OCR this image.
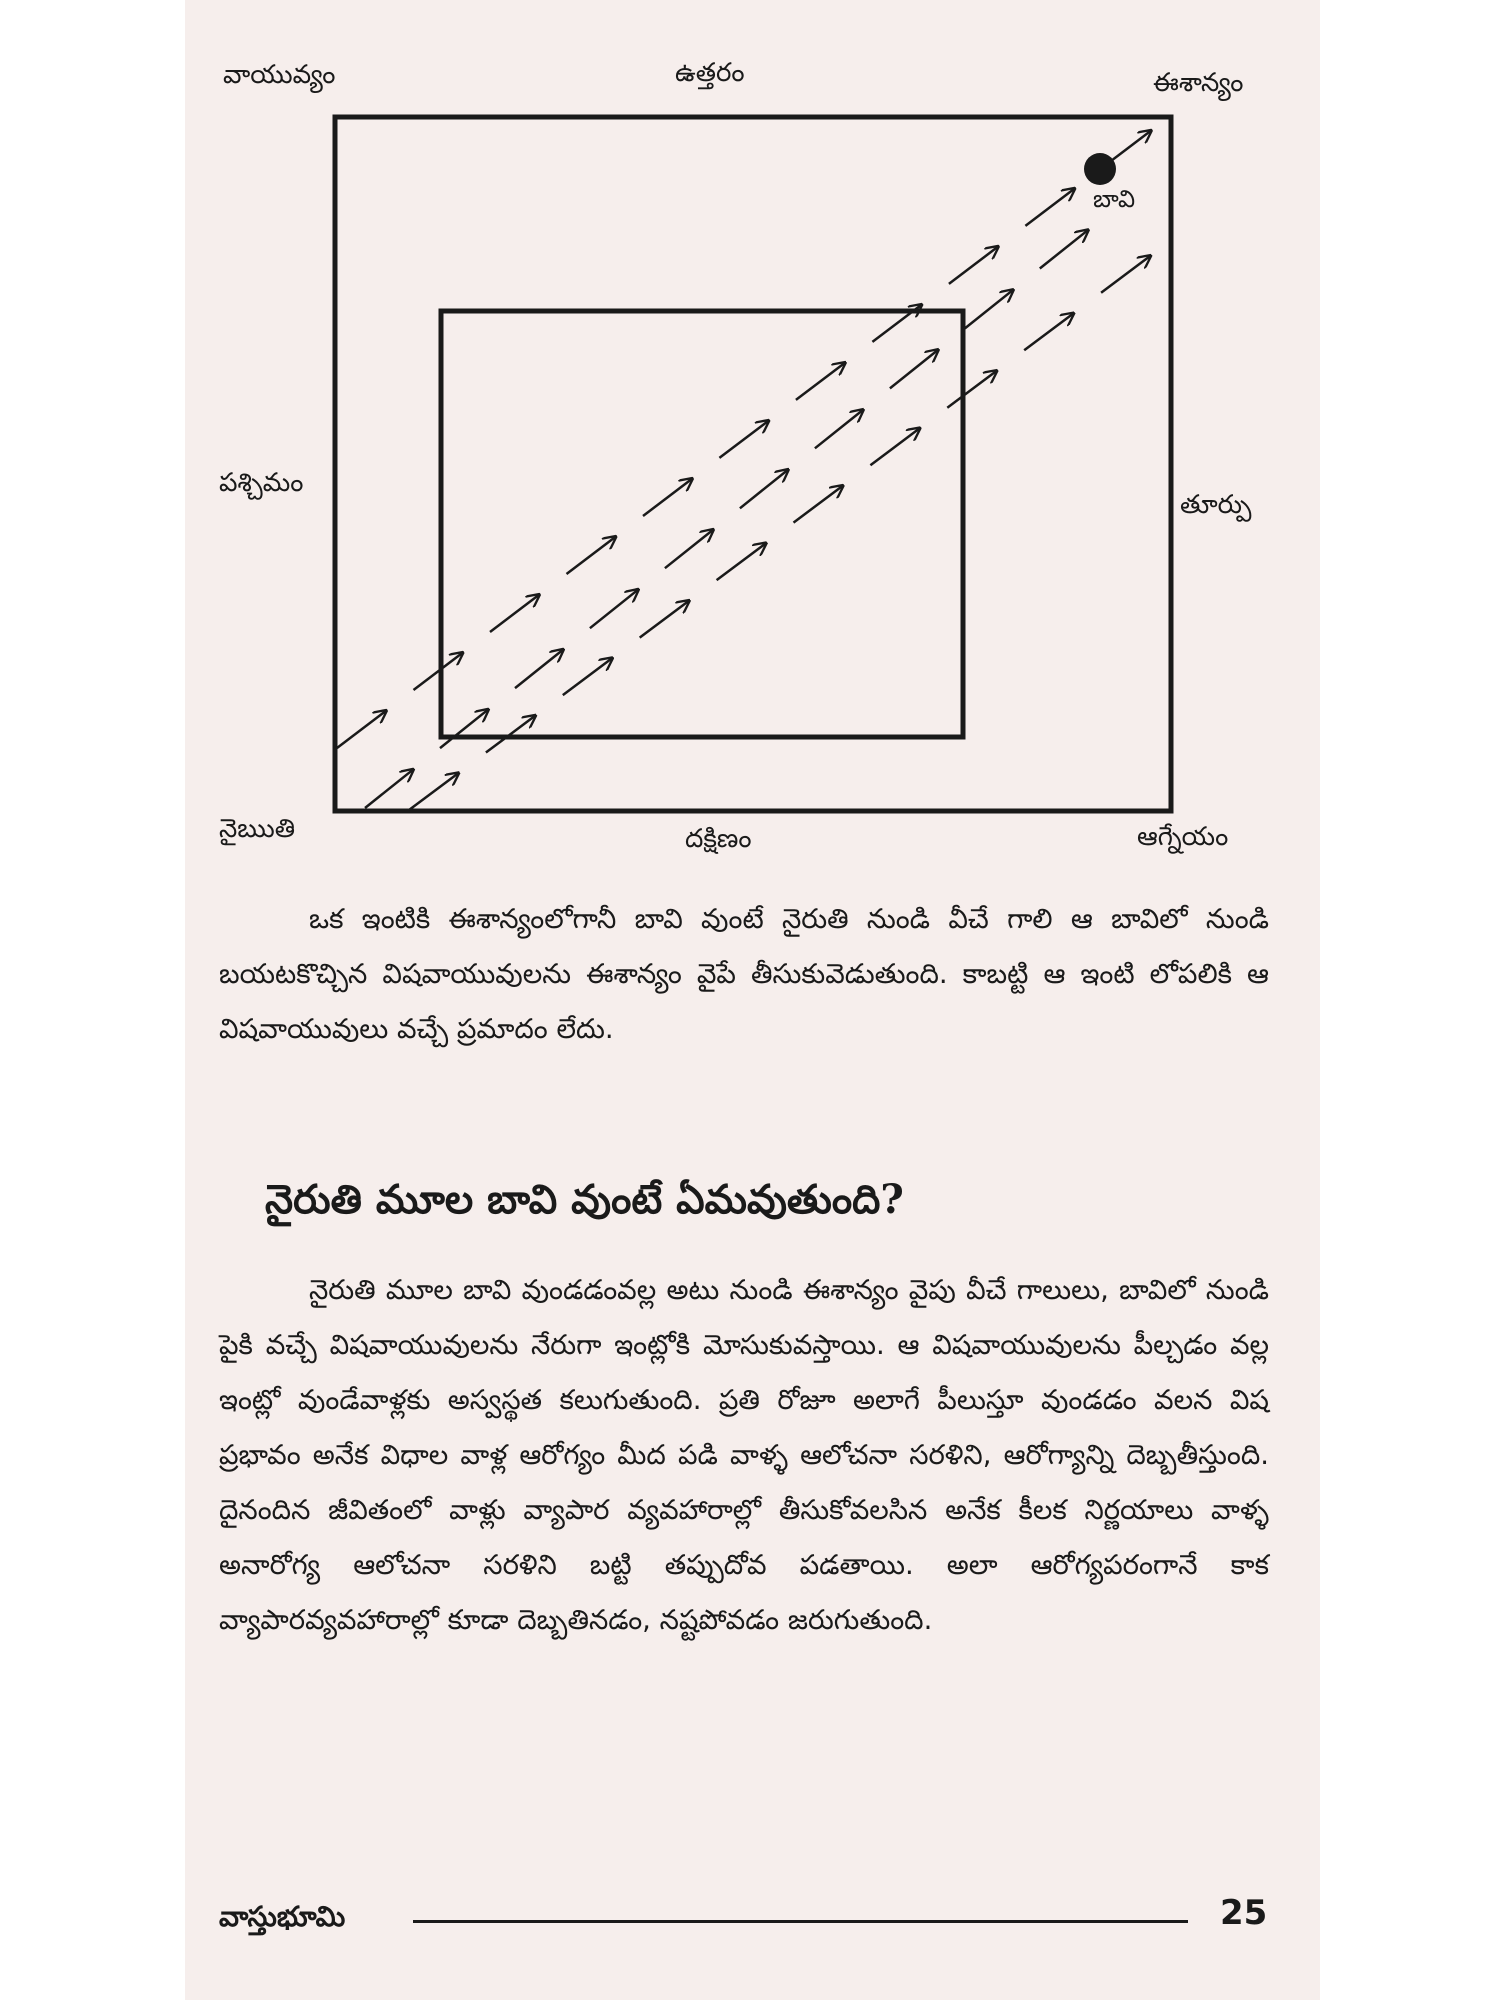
బావి
వాయువ్యం	ఉత్తరం	ఈశాన్యం
పశ్చిమం
తూర్పు
నైఋతి	దక్షిణం	ఆగ్నేయం

ఒక ఇంటికి ఈశాన్యంలోగానీ బావి వుంటే నైరుతి నుండి వీచే గాలి ఆ బావిలో నుండి బయటకొచ్చిన విషవాయువులను ఈశాన్యం వైపే తీసుకువెడుతుంది. కాబట్టి ఆ ఇంటి లోపలికి ఆ విషవాయువులు వచ్చే ప్రమాదం లేదు.

నైరుతి మూల బావి వుంటే ఏమవుతుంది?

నైరుతి మూల బావి వుండడంవల్ల అటు నుండి ఈశాన్యం వైపు వీచే గాలులు, బావిలో నుండి పైకి వచ్చే విషవాయువులను నేరుగా ఇంట్లోకి మోసుకువస్తాయి. ఆ విషవాయువులను పీల్చడం వల్ల ఇంట్లో వుండేవాళ్లకు అస్వస్థత కలుగుతుంది. ప్రతి రోజూ అలాగే పీలుస్తూ వుండడం వలన విష ప్రభావం అనేక విధాల వాళ్ల ఆరోగ్యం మీద పడి వాళ్ళ ఆలోచనా సరళిని, ఆరోగ్యాన్ని దెబ్బతీస్తుంది. దైనందిన జీవితంలో వాళ్లు వ్యాపార వ్యవహారాల్లో తీసుకోవలసిన అనేక కీలక నిర్ణయాలు వాళ్ళ అనారోగ్య ఆలోచనా సరళిని బట్టి తప్పుదోవ పడతాయి. అలా ఆరోగ్యపరంగానే కాక వ్యాపారవ్యవహారాల్లో కూడా దెబ్బతినడం, నష్టపోవడం జరుగుతుంది.

వాస్తుభూమి	25
